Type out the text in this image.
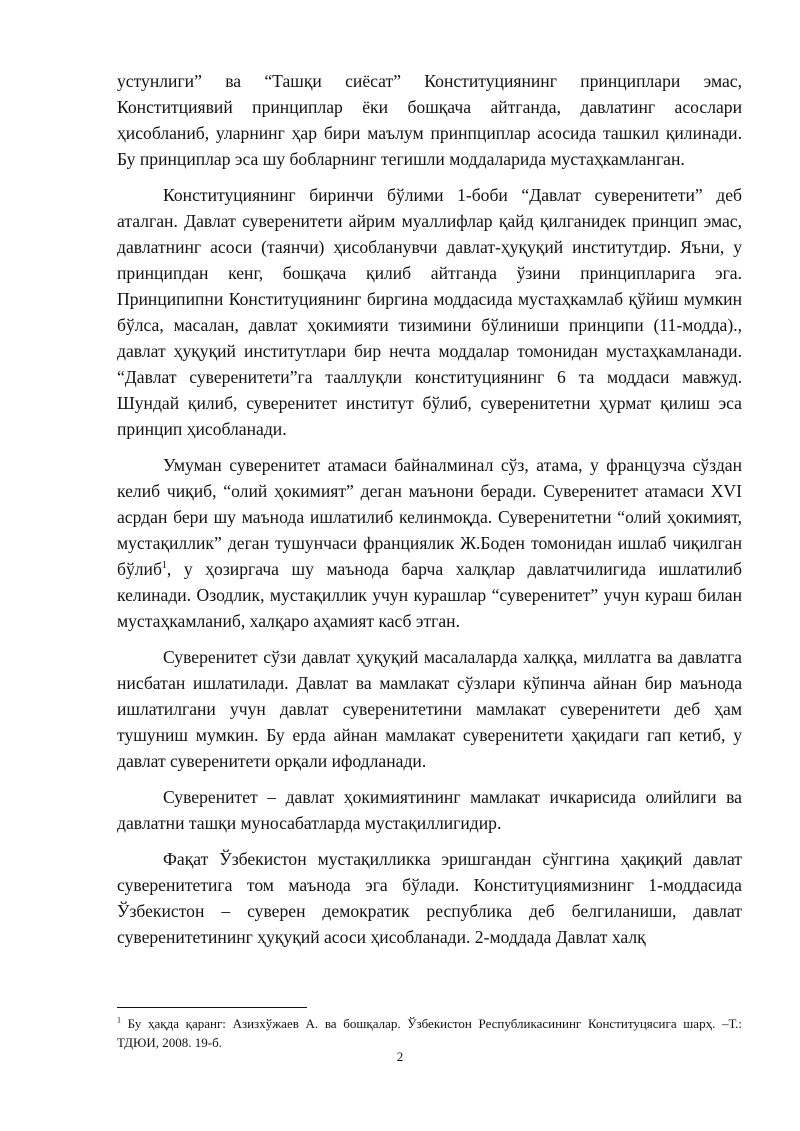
устунлиги” ва “Ташқи сиёсат” Конституциянинг принциплари эмас, Конститциявий принциплар ёки бошқача айтганда, давлатинг асослари ҳисобланиб, уларнинг ҳар бири маълум принпциплар асосида ташкил қилинади. Бу принциплар эса шу бобларнинг тегишли моддаларида мустаҳкамланган.

Конституциянинг биринчи бўлими 1-боби “Давлат суверенитети” деб аталган. Давлат суверенитети айрим муаллифлар қайд қилганидек принцип эмас, давлатнинг асоси (таянчи) ҳисобланувчи давлат-ҳуқуқий институтдир. Яъни, у принципдан кенг, бошқача қилиб айтганда ўзини принципларига эга. Принципипни Конституциянинг биргина моддасида мустаҳкамлаб қўйиш мумкин бўлса, масалан, давлат ҳокимияти тизимини бўлиниши принципи (11-модда)., давлат ҳуқуқий институтлари бир нечта моддалар томонидан мустаҳкамланади. “Давлат суверенитети”га тааллуқли конституциянинг 6 та моддаси мавжуд. Шундай қилиб, суверенитет институт бўлиб, суверенитетни ҳурмат қилиш эса принцип ҳисобланади.

Умуман суверенитет атамаси байналминал сўз, атама, у французча сўздан келиб чиқиб, “олий ҳокимият” деган маънони беради. Суверенитет атамаси XVI асрдан бери шу маънода ишлатилиб келинмоқда. Суверенитетни “олий ҳокимият, мустақиллик” деган тушунчаси франциялик Ж.Боден томонидан ишлаб чиқилган бўлиб$^1$, у ҳозиргача шу маънода барча халқлар давлатчилигида ишлатилиб келинади. Озодлик, мустақиллик учун курашлар “суверенитет” учун кураш билан мустаҳкамланиб, халқаро аҳамият касб этган.

Суверенитет сўзи давлат ҳуқуқий масалаларда халққа, миллатга ва давлатга нисбатан ишлатилади. Давлат ва мамлакат сўзлари кўпинча айнан бир маънода ишлатилгани учун давлат суверенитетини мамлакат суверенитети деб ҳам тушуниш мумкин. Бу ерда айнан мамлакат суверенитети ҳақидаги гап кетиб, у давлат суверенитети орқали ифодланади.

Суверенитет – давлат ҳокимиятининг мамлакат ичкарисида олийлиги ва давлатни ташқи муносабатларда мустақиллигидир.

Фақат Ўзбекистон мустақилликка эришгандан сўнггина ҳақиқий давлат суверенитетига том маънода эга бўлади. Конституциямизнинг 1-моддасида Ўзбекистон – суверен демократик республика деб белгиланиши, давлат суверенитетининг ҳуқуқий асоси ҳисобланади. 2-моддада Давлат халқ

$^1$ Бу ҳақда қаранг: Азизхўжаев А. ва бошқалар. Ўзбекистон Республикасининг Конституцясига шарҳ. –Т.: ТДЮИ, 2008. 19-б.

2
